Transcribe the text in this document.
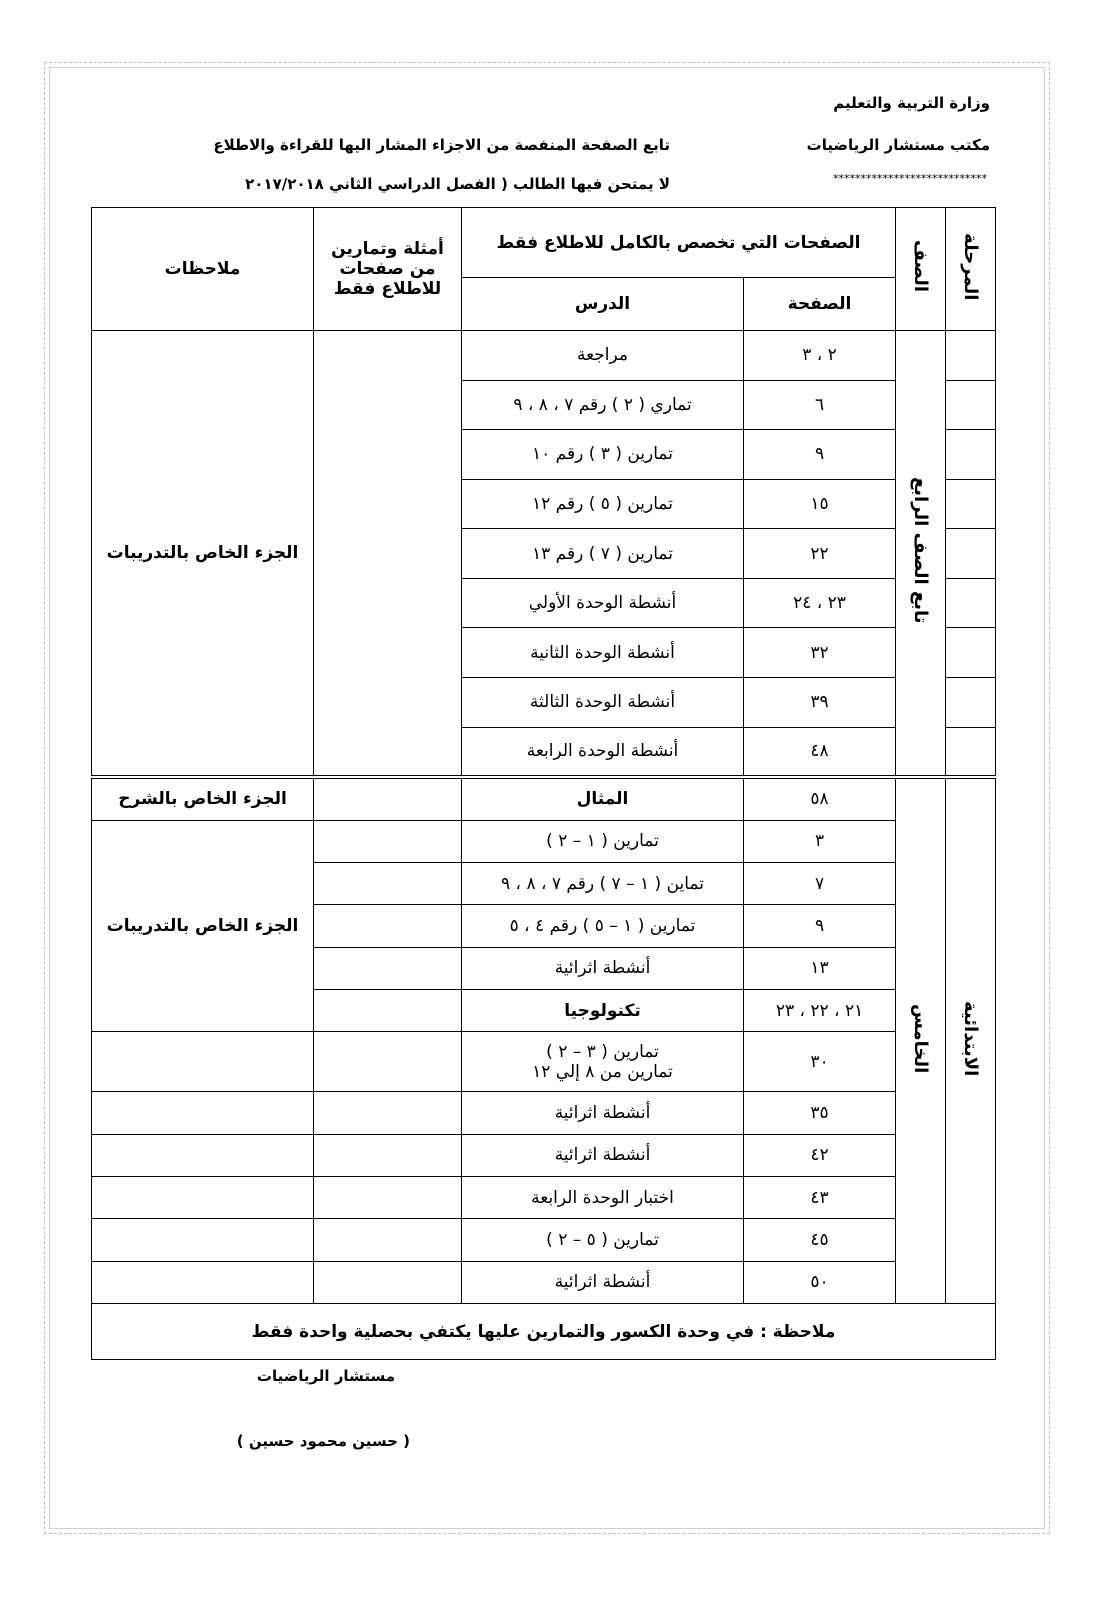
وزارة التربية والتعليم
مكتب مستشار الرياضيات
****************************
تابع الصفحة المنفصة من الاجزاء المشار اليها للقراءة والاطلاع
لا يمتحن فيها الطالب ( الفصل الدراسي الثاني ٢٠١٧/٢٠١٨
المرحلة	الصف	الصفحات التي تخصص بالكامل للاطلاع فقط		أمثلة وتمارين من صفحات للاطلاع فقط	ملاحظات
		الصفحة	الدرس		
	تابع الصف الرابع	٢ ، ٣	مراجعة		الجزء الخاص بالتدريبات
		٦	تماري ( ٢ ) رقم ٧ ، ٨ ، ٩		
		٩	تمارين ( ٣ ) رقم ١٠		
		١٥	تمارين ( ٥ ) رقم ١٢		
		٢٢	تمارين ( ٧ ) رقم ١٣		
		٢٣ ، ٢٤	أنشطة الوحدة الأولي		
		٣٢	أنشطة الوحدة الثانية		
		٣٩	أنشطة الوحدة الثالثة		
		٤٨	أنشطة الوحدة الرابعة		
الابتدائية	الخامس	٥٨	المثال		الجزء الخاص بالشرح
		٣	تمارين ( ١ – ٢ )		الجزء الخاص بالتدريبات
		٧	تماين ( ١ – ٧ ) رقم ٧ ، ٨ ، ٩		
		٩	تمارين ( ١ – ٥ ) رقم ٤ ، ٥		
		١٣	أنشطة اثرائية		
		٢١ ، ٢٢ ، ٢٣	تكنولوجيا		
		٣٠	تمارين ( ٣ – ٢ )
تمارين من ٨ إلي ١٢		

		٣٥	أنشطة اثرائية		
		٤٢	أنشطة اثرائية		
		٤٣	اختبار الوحدة الرابعة		
		٤٥	تمارين ( ٥ – ٢ )		
		٥٠	أنشطة اثرائية		
ملاحظة : في وحدة الكسور والتمارين عليها يكتفي بحصلية واحدة فقط					
مستشار الرياضيات
( حسين محمود حسين )
